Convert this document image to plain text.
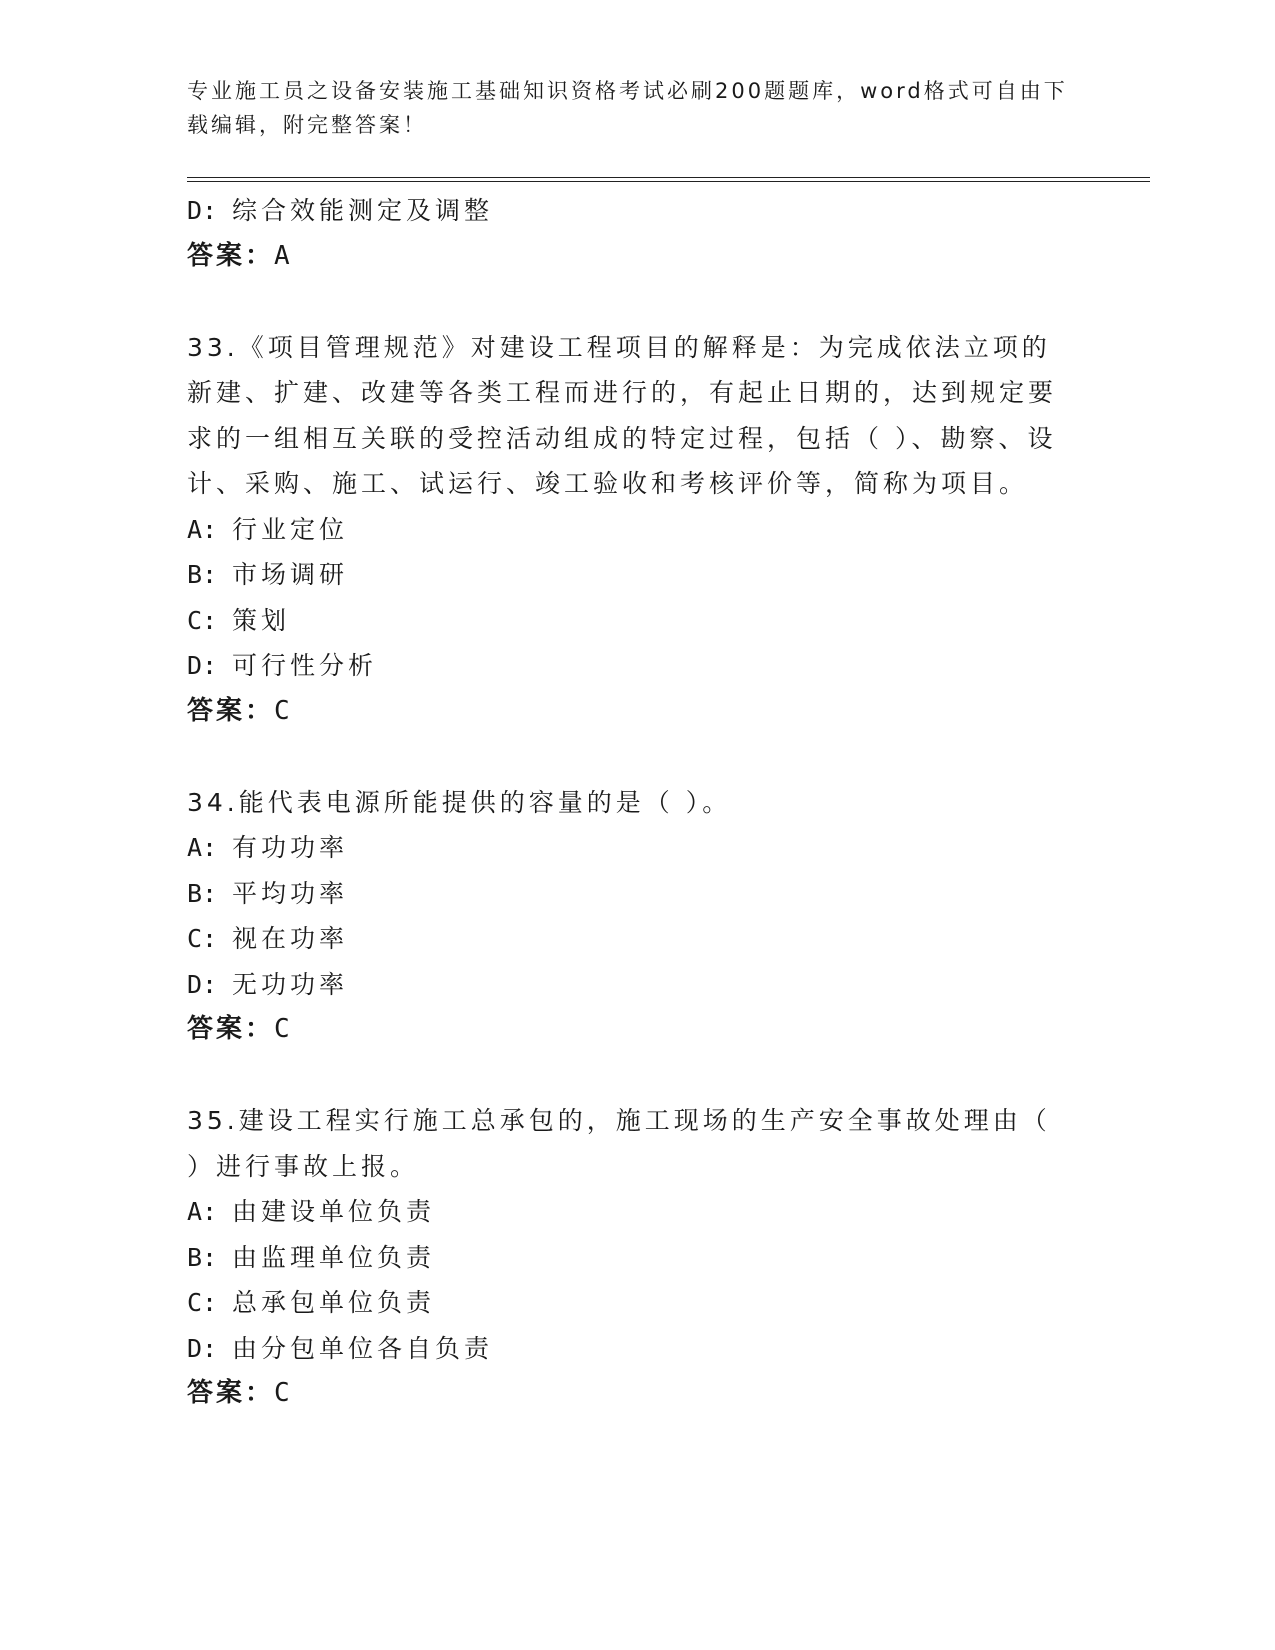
专业施工员之设备安装施工基础知识资格考试必刷200题题库，word格式可自由下载编辑，附完整答案！
D: 综合效能测定及调整
答案：A
33.《项目管理规范》对建设工程项目的解释是：为完成依法立项的新建、扩建、改建等各类工程而进行的，有起止日期的，达到规定要求的一组相互关联的受控活动组成的特定过程，包括（ ）、勘察、设计、采购、施工、试运行、竣工验收和考核评价等，简称为项目。
A: 行业定位
B: 市场调研
C: 策划
D: 可行性分析
答案：C
34.能代表电源所能提供的容量的是（ ）。
A: 有功功率
B: 平均功率
C: 视在功率
D: 无功功率
答案：C
35.建设工程实行施工总承包的，施工现场的生产安全事故处理由（ ）进行事故上报。
A: 由建设单位负责
B: 由监理单位负责
C: 总承包单位负责
D: 由分包单位各自负责
答案：C
